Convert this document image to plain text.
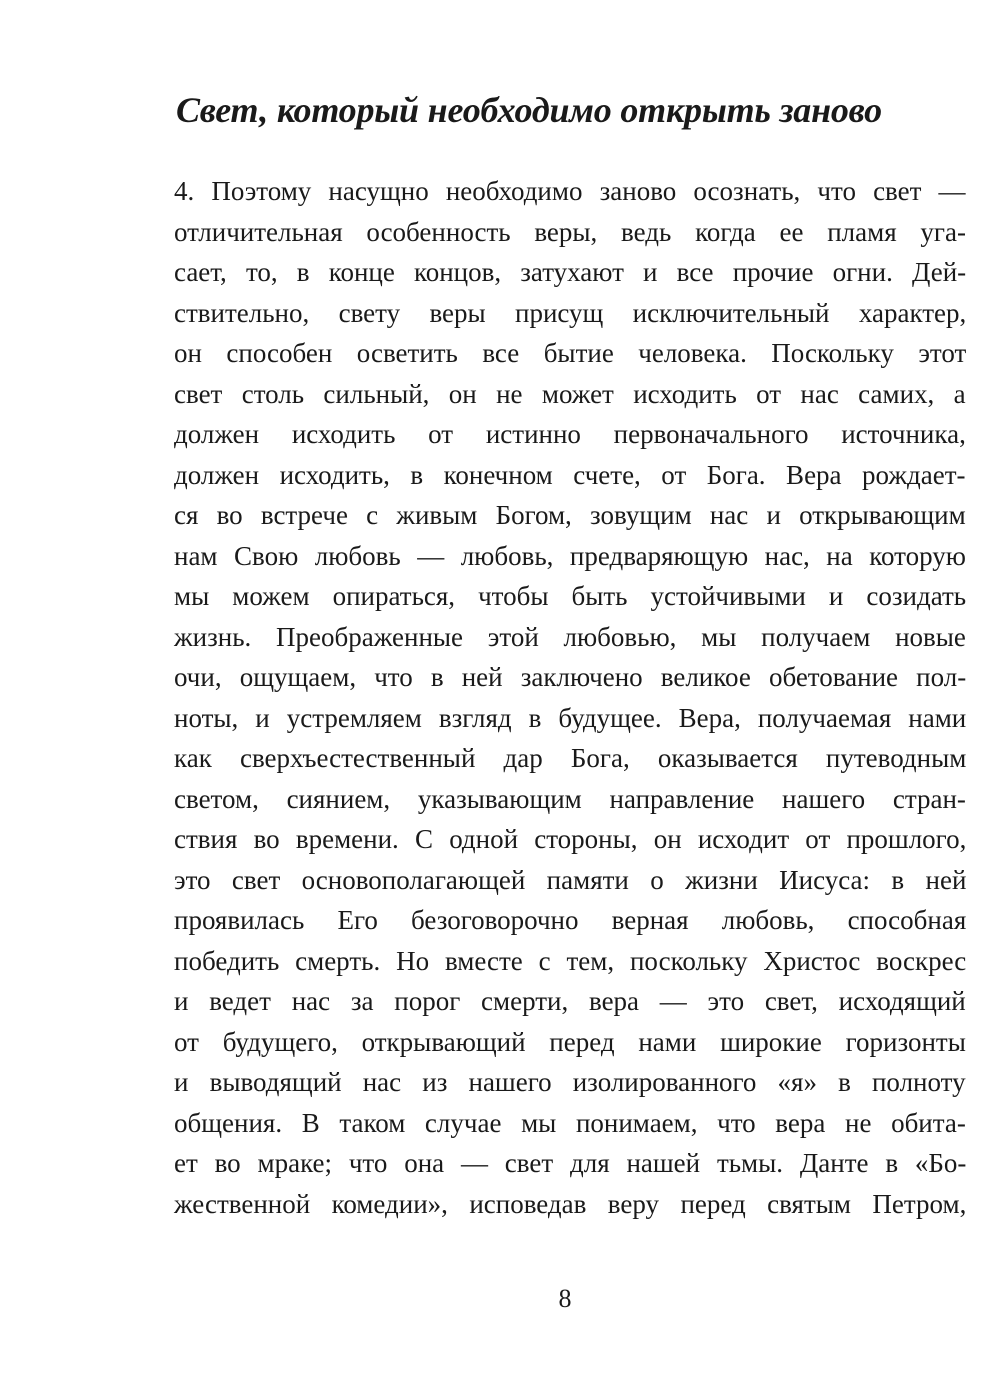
Свет, который необходимо открыть заново
4. Поэтому насущно необходимо заново осознать, что свет —
отличительная особенность веры, ведь когда ее пламя уга-
сает, то, в конце концов, затухают и все прочие огни. Дей-
ствительно, свету веры присущ исключительный характер,
он способен осветить все бытие человека. Поскольку этот
свет столь сильный, он не может исходить от нас самих, а
должен исходить от истинно первоначального источника,
должен исходить, в конечном счете, от Бога. Вера рождает-
ся во встрече с живым Богом, зовущим нас и открывающим
нам Свою любовь — любовь, предваряющую нас, на которую
мы можем опираться, чтобы быть устойчивыми и созидать
жизнь. Преображенные этой любовью, мы получаем новые
очи, ощущаем, что в ней заключено великое обетование пол-
ноты, и устремляем взгляд в будущее. Вера, получаемая нами
как сверхъестественный дар Бога, оказывается путеводным
светом, сиянием, указывающим направление нашего стран-
ствия во времени. С одной стороны, он исходит от прошлого,
это свет основополагающей памяти о жизни Иисуса: в ней
проявилась Его безоговорочно верная любовь, способная
победить смерть. Но вместе с тем, поскольку Христос воскрес
и ведет нас за порог смерти, вера — это свет, исходящий
от будущего, открывающий перед нами широкие горизонты
и выводящий нас из нашего изолированного «я» в полноту
общения. В таком случае мы понимаем, что вера не обита-
ет во мраке; что она — свет для нашей тьмы. Данте в «Бо-
жественной комедии», исповедав веру перед святым Петром,
8
